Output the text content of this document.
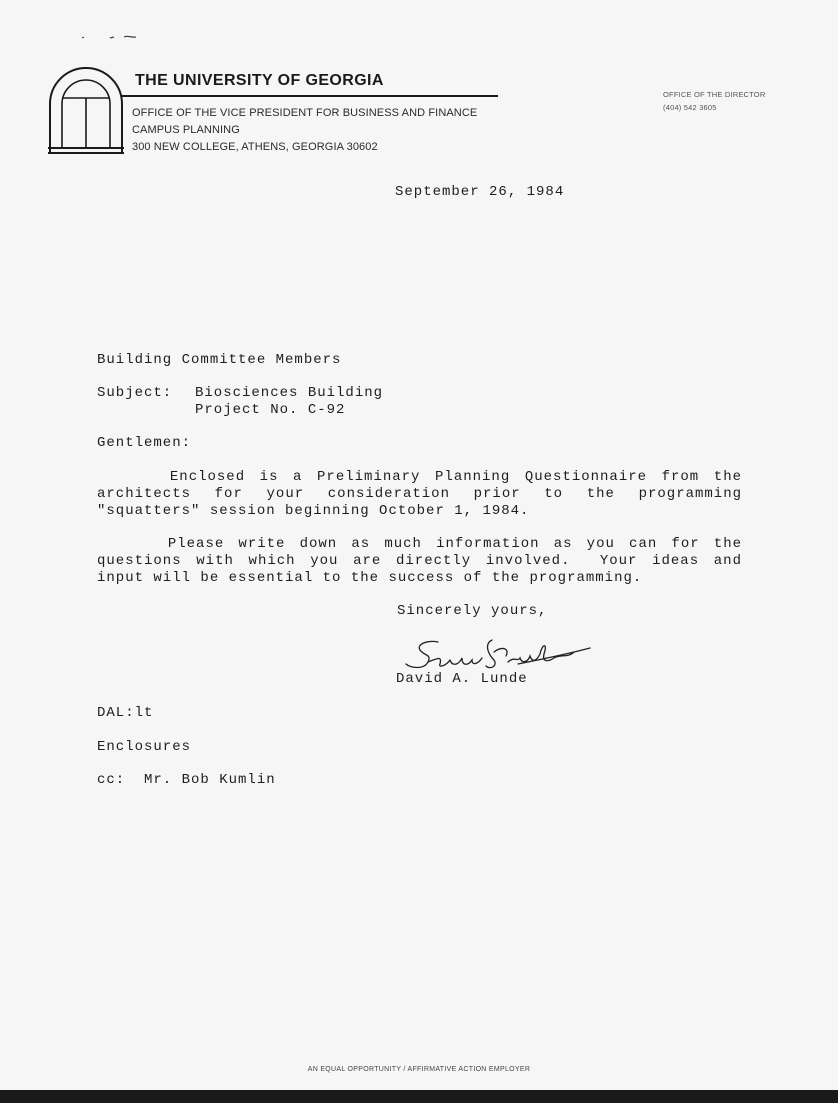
THE UNIVERSITY OF GEORGIA
OFFICE OF THE VICE PRESIDENT FOR BUSINESS AND FINANCE
CAMPUS PLANNING
300 NEW COLLEGE, ATHENS, GEORGIA 30602
OFFICE OF THE DIRECTOR
(404) 542 3605
September 26, 1984
Building Committee Members
Subject: Biosciences Building
Project No. C-92
Gentlemen:
Enclosed is a Preliminary Planning Questionnaire from the
architects for your consideration prior to the programming
"squatters" session beginning October 1, 1984.
Please write down as much information as you can for the
questions with which you are directly involved.  Your ideas and
input will be essential to the success of the programming.
Sincerely yours,
David A. Lunde
DAL:lt
Enclosures
cc:  Mr. Bob Kumlin
AN EQUAL OPPORTUNITY / AFFIRMATIVE ACTION EMPLOYER
